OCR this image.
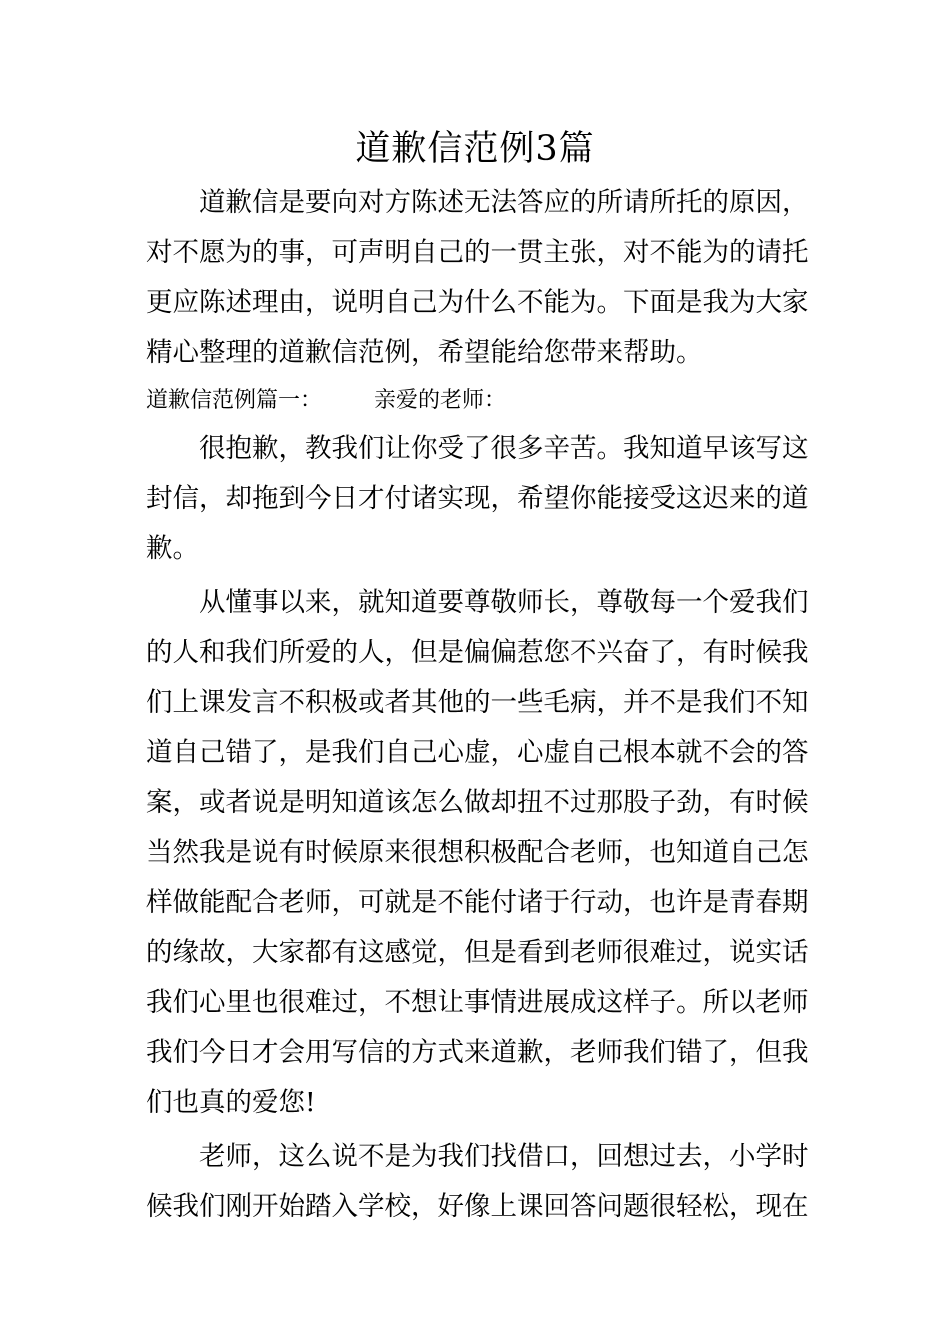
道歉信范例3篇
道歉信是要向对方陈述无法答应的所请所托的原因，
对不愿为的事，可声明自己的一贯主张，对不能为的请托
更应陈述理由，说明自己为什么不能为。下面是我为大家
精心整理的道歉信范例，希望能给您带来帮助。
道歉信范例篇一： 亲爱的老师：
很抱歉，教我们让你受了很多辛苦。我知道早该写这
封信，却拖到今日才付诸实现，希望你能接受这迟来的道
歉。
从懂事以来，就知道要尊敬师长，尊敬每一个爱我们
的人和我们所爱的人，但是偏偏惹您不兴奋了，有时候我
们上课发言不积极或者其他的一些毛病，并不是我们不知
道自己错了，是我们自己心虚，心虚自己根本就不会的答
案，或者说是明知道该怎么做却扭不过那股子劲，有时候
当然我是说有时候原来很想积极配合老师，也知道自己怎
样做能配合老师，可就是不能付诸于行动，也许是青春期
的缘故，大家都有这感觉，但是看到老师很难过，说实话
我们心里也很难过，不想让事情进展成这样子。所以老师
我们今日才会用写信的方式来道歉，老师我们错了，但我
们也真的爱您!
老师，这么说不是为我们找借口，回想过去，小学时
候我们刚开始踏入学校，好像上课回答问题很轻松，现在
